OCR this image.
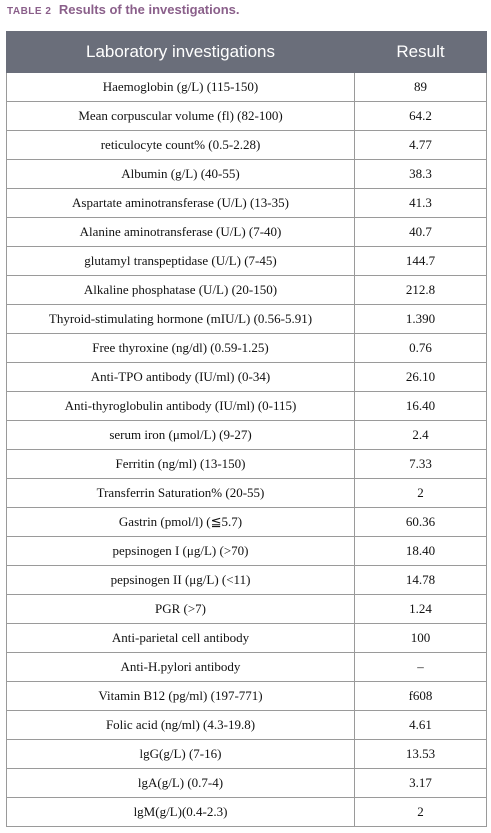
TABLE 2 Results of the investigations.
Laboratory investigations	Result
Haemoglobin (g/L) (115-150)	89
Mean corpuscular volume (fl) (82-100)	64.2
reticulocyte count% (0.5-2.28)	4.77
Albumin (g/L) (40-55)	38.3
Aspartate aminotransferase (U/L) (13-35)	41.3
Alanine aminotransferase (U/L) (7-40)	40.7
glutamyl transpeptidase (U/L) (7-45)	144.7
Alkaline phosphatase (U/L) (20-150)	212.8
Thyroid-stimulating hormone (mIU/L) (0.56-5.91)	1.390
Free thyroxine (ng/dl) (0.59-1.25)	0.76
Anti-TPO antibody (IU/ml) (0-34)	26.10
Anti-thyroglobulin antibody (IU/ml) (0-115)	16.40
serum iron (μmol/L) (9-27)	2.4
Ferritin (ng/ml) (13-150)	7.33
Transferrin Saturation% (20-55)	2
Gastrin (pmol/l) (≦5.7)	60.36
pepsinogen I (μg/L) (>70)	18.40
pepsinogen II (μg/L) (<11)	14.78
PGR (>7)	1.24
Anti-parietal cell antibody	100
Anti-H.pylori antibody	–
Vitamin B12 (pg/ml) (197-771)	f608
Folic acid (ng/ml) (4.3-19.8)	4.61
lgG(g/L) (7-16)	13.53
lgA(g/L) (0.7-4)	3.17
lgM(g/L)(0.4-2.3)	2
